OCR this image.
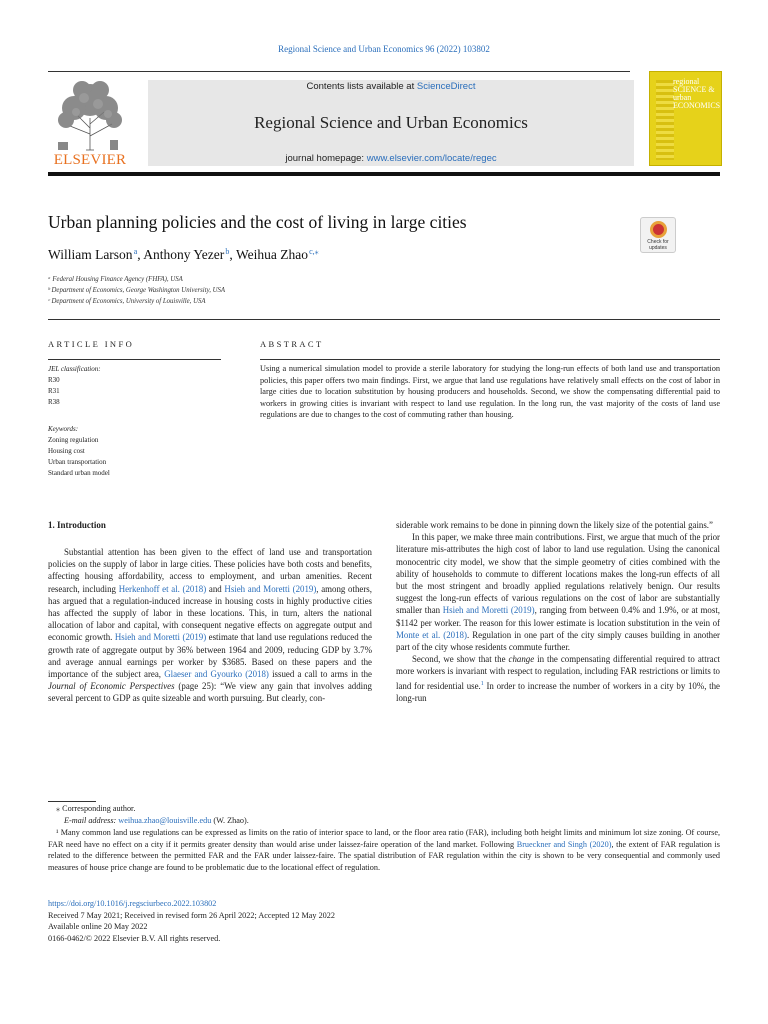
Regional Science and Urban Economics 96 (2022) 103802
ELSEVIER
Contents lists available at ScienceDirect
Regional Science and Urban Economics
journal homepage: www.elsevier.com/locate/regec
regional SCIENCE & urban ECONOMICS
Urban planning policies and the cost of living in large cities
Check for updates
William Larson $^a$, Anthony Yezer $^b$, Weihua Zhao $^{c,⁎}$
ᵃ Federal Housing Finance Agency (FHFA), USA
ᵇ Department of Economics, George Washington University, USA
ᶜ Department of Economics, University of Louisville, USA
ARTICLE INFO
JEL classification:
R30
R31
R38
Keywords:
Zoning regulation
Housing cost
Urban transportation
Standard urban model
ABSTRACT
Using a numerical simulation model to provide a sterile laboratory for studying the long-run effects of both land use and transportation policies, this paper offers two main findings. First, we argue that land use regulations have relatively small effects on the cost of labor in large cities due to location substitution by housing producers and households. Second, we show the compensating differential paid to workers in growing cities is invariant with respect to land use regulation. In the long run, the vast majority of the costs of land use regulations are due to changes to the cost of commuting rather than housing.
1. Introduction

Substantial attention has been given to the effect of land use and transportation policies on the supply of labor in large cities. These policies have both costs and benefits, affecting housing affordability, access to employment, and urban amenities. Recent research, including Herkenhoff et al. (2018) and Hsieh and Moretti (2019), among others, has argued that a regulation-induced increase in housing costs in highly productive cities has affected the supply of labor in these locations. This, in turn, alters the national allocation of labor and capital, with consequent negative effects on aggregate output and economic growth. Hsieh and Moretti (2019) estimate that land use regulations reduced the growth rate of aggregate output by 36% between 1964 and 2009, reducing GDP by 3.7% and average annual earnings per worker by $3685. Based on these papers and the importance of the subject area, Glaeser and Gyourko (2018) issued a call to arms in the Journal of Economic Perspectives (page 25): “We view any gain that involves adding several percent to GDP as quite sizeable and worth pursuing. But clearly, con-

siderable work remains to be done in pinning down the likely size of the potential gains.”

In this paper, we make three main contributions. First, we argue that much of the prior literature mis-attributes the high cost of labor to land use regulation. Using the canonical monocentric city model, we show that the simple geometry of cities combined with the ability of households to commute to different locations makes the long-run effects of all but the most stringent and broadly applied regulations relatively benign. Our results suggest the long-run effects of various regulations on the cost of labor are substantially smaller than Hsieh and Moretti (2019), ranging from between 0.4% and 1.9%, or at most, $1142 per worker. The reason for this lower estimate is location substitution in the vein of Monte et al. (2018). Regulation in one part of the city simply causes building in another part of the city whose residents commute further.

Second, we show that the change in the compensating differential required to attract more workers is invariant with respect to regulation, including FAR restrictions or limits to land for residential use.$^1$ In order to increase the number of workers in a city by 10%, the long-run

⁎ Corresponding author.
E-mail address: weihua.zhao@louisville.edu (W. Zhao).
¹ Many common land use regulations can be expressed as limits on the ratio of interior space to land, or the floor area ratio (FAR), including both height limits and minimum lot size zoning. Of course, FAR need have no effect on a city if it permits greater density than would arise under laissez-faire operation of the land market. Following Brueckner and Singh (2020), the extent of FAR regulation is related to the difference between the permitted FAR and the FAR under laissez-faire. The spatial distribution of FAR regulation within the city is shown to be very consequential and commonly used measures of house price change are found to be problematic due to the locational effect of regulation.
https://doi.org/10.1016/j.regsciurbeco.2022.103802
Received 7 May 2021; Received in revised form 26 April 2022; Accepted 12 May 2022
Available online 20 May 2022
0166-0462/© 2022 Elsevier B.V. All rights reserved.
